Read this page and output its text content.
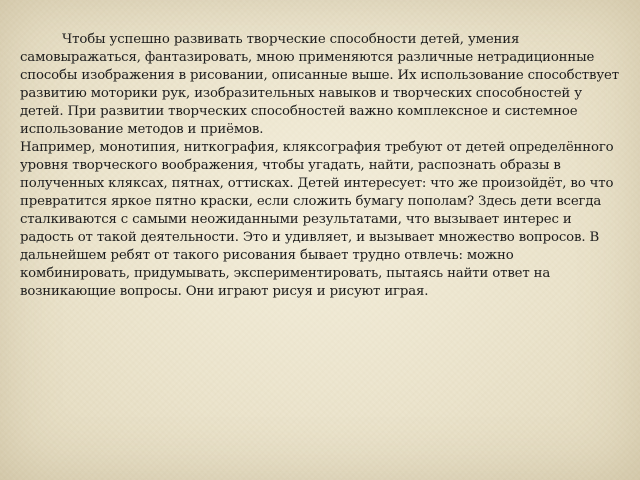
Чтобы успешно развивать творческие способности детей, умения самовыражаться, фантазировать, мною применяются различные нетрадиционные способы изображения в рисовании, описанные выше. Их использование способствует развитию моторики рук, изобразительных навыков и творческих способностей у детей. При развитии творческих способностей важно комплексное и системное использование методов и приёмов.

Например, монотипия, ниткография, кляксография требуют от детей определённого уровня творческого воображения, чтобы угадать, найти, распознать образы в полученных кляксах, пятнах, оттисках. Детей интересует: что же произойдёт, во что превратится яркое пятно краски, если сложить бумагу пополам? Здесь дети всегда сталкиваются с самыми неожиданными результатами, что вызывает интерес и радость от такой деятельности. Это и удивляет, и вызывает множество вопросов. В дальнейшем ребят от такого рисования бывает трудно отвлечь: можно комбинировать, придумывать, экспериментировать, пытаясь найти ответ на возникающие вопросы. Они играют рисуя и рисуют играя.
